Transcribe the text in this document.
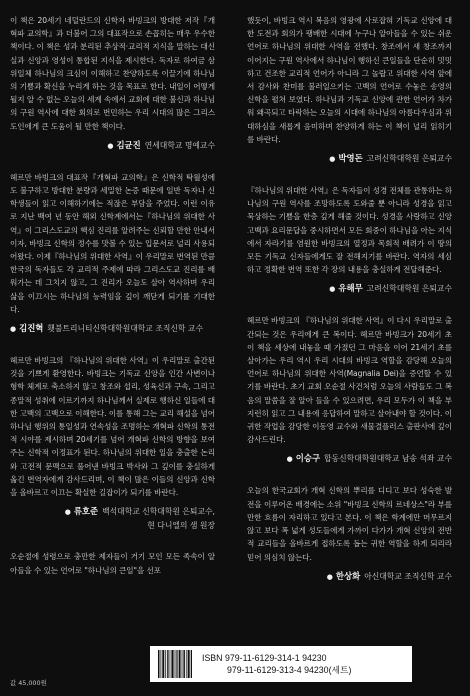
이 책은 20세기 네덜란드의 신학자 바빙크의 방대한 저작『개혁파 교의학』과 더불어 그의 대표작으로 손꼽히는 매우 우수한 책이다. 이 책은 성과 분리된 추상적·교리적 지식을 말하는 대신 실과 신앙과 영성이 통합된 지식을 제시한다. 독자로 하여금 삼위일체 하나님의 크심이 이해하고 찬양하도록 이끌기에 하나님의 기쁨과 확신을 누리게 하는 것을 목표로 한다. 내일이 어떻게 될지 알 수 없는 오늘의 세계 속에서 교회에 대한 불신과 하나님의 구원 역사에 대한 회의로 번민하는 우리 시대의 많은 그리스도인에게 큰 도움이 될 만한 책이다.

● 김균진 연세대학교 명예교수

헤르만 바빙크의 대표작『개혁파 교의학』은 신학적 탁월성에도 불구하고 방대한 분량과 세밀한 논증 때문에 일반 독자나 신학생들이 읽고 이해하기에는 적잖은 부담을 주었다. 이런 이유로 지난 백여 년 동안 해외 신학계에서는『하나님의 위대한 사역』이 그리스도교의 핵심 진리를 알려주는 신뢰할 만한 안내서이자, 바빙크 신학의 정수를 맛볼 수 있는 입문서로 널리 사용되어왔다. 이제『하나님의 위대한 사역』이 우리말로 번역된 만큼 한국의 독자들도 각 교리적 주제에 따라 그리스도교 진리를 배워가는 데 그치지 않고, 그 진리가 오늘도 살아 역사하며 우리 삶을 이끄시는 하나님의 능력임을 깊이 깨닫게 되기를 기대한다.

● 김진혁 횃불트리니티신학대학원대학교 조직신학 교수

헤르만 바빙크의 『하나님의 위대한 사역』이 우리말로 출간된 것을 기쁘게 환영한다. 바빙크는 기독교 신앙을 인간 사변이나 형학 체계로 축소하지 않고 창조와 섭리, 성육신과 구속, 그리고 종말적 성취에 이르기까지 하나님께서 실제로 행하신 일들에 대한 고백의 고백으로 이해한다. 이를 통해 그는 교리 해설을 넘어 하나님 행위의 통일성과 연속성을 조명하는 개혁파 신학의 통전적 시야를 제시하며 20세기를 넘어 개혁파 신학의 방향을 보여주는 신학적 이정표가 된다. 하나님의 위대한 일을 충출한 논리와 고전적 문맥으로 풀어낸 바빙크 박사와 그 깊이를 충실하게 옮긴 번역자에게 감사드리며, 이 책이 많은 이들의 신앙과 신학을 올바르고 이끄는 확실한 길잡이가 되기를 바란다.

● 류호준 백석대학교 신학대학원 은퇴교수,
현 다니엘의 샘 원장

오순절에 성령으로 충만한 제자들이 거기 모인 모든 족속이 알아들을 수 있는 언어로 "하나님의 큰일"을 선포

했듯이, 바빙크 역시 복음의 영광에 사로잡혀 기독교 신앙에 대한 도전과 회의가 팽배한 시대에 누구나 알아들을 수 있는 쉬운 언어로 하나님의 위대한 사역을 전했다. 창조에서 새 창조까지 이어지는 구원 역사에서 하나님이 행하신 큰일들을 단순히 밋밋하고 건조한 교리적 언어가 아니라 그 놀랍고 위대한 사역 앞에서 감사와 찬미를 불러일으키는 고백의 언어로 수놓은 송영의 신학을 펼쳐 보였다. 하나님과 기독교 신앙에 관한 언어가 차가워 왜곡되고 타락하는 오늘의 시대에 하나님의 아름다우심과 위대하심을 새롭게 음미하며 찬양하게 하는 이 책이 널리 읽히기를 바란다.

● 박영돈 고려신학대학원 은퇴교수

『하나님의 위대한 사역』은 독자들이 성경 전체를 관통하는 하나님의 구원 역사를 조망하도록 도와줄 뿐 아니라 성경을 읽고 묵상하는 기쁨을 한층 깊게 해줄 것이다. 성경을 사랑하고 신앙고백과 요리문답을 중시하면서 모든 회중이 하나님을 아는 지식에서 자라기를 염원한 바빙크의 열정과 목회적 배려가 이 땅의 모든 기독교 신자들에게도 잘 전해지기를 바란다. 역자의 세심하고 정확한 번역 또한 각 장의 내용을 충실하게 전달해준다.

● 유해무 고려신학대학원 은퇴교수

헤르만 바빙크의 『하나님의 위대한 사역』이 다시 우리말로 출간되는 것은 우리에게 큰 복이다. 헤르만 바빙크가 20세기 초 이 책을 세상에 내놓을 때 가졌던 그 마음을 이어 21세기 초를 살아가는 우리 역시 우리 시대의 바빙크 역할을 감당해 오늘의 언어로 하나님의 위대한 사역(Magnalia Dei)을 증언할 수 있기를 바란다. 초기 교회 오순절 사건처럼 오늘의 사람들도 그 복음의 말씀을 잘 알아 들을 수 있으려면, 우리 모두가 이 책을 부지런히 읽고 그 내용에 응답하여 말하고 살아내야 할 것이다. 이 귀한 작업을 감당한 이동영 교수와 새물결플러스 출판사에 깊이 감사드린다.

● 이승구 합동신학대학원대학교 남송 석좌 교수

오늘의 한국교회가 개혁 신학의 뿌리를 디디고 보다 성숙한 발전을 이루어온 배경에는 소위 "바빙크 신학의 르네상스"라 부를 만한 흐름이 자리하고 있다고 본다. 이 책은 학계에만 머무르지 않고 보다 폭 넓게 성도들에게 가까이 다가가 개혁 신앙의 전반적 교리들을 올바르게 접하도록 돕는 귀한 역할을 하게 되리라 믿어 의심치 않는다.

● 한상화 아신대학교 조직신학 교수
값 45,000원
ISBN 979-11-6129-314-1 94230
979-11-6129-313-4 94230(세트)
